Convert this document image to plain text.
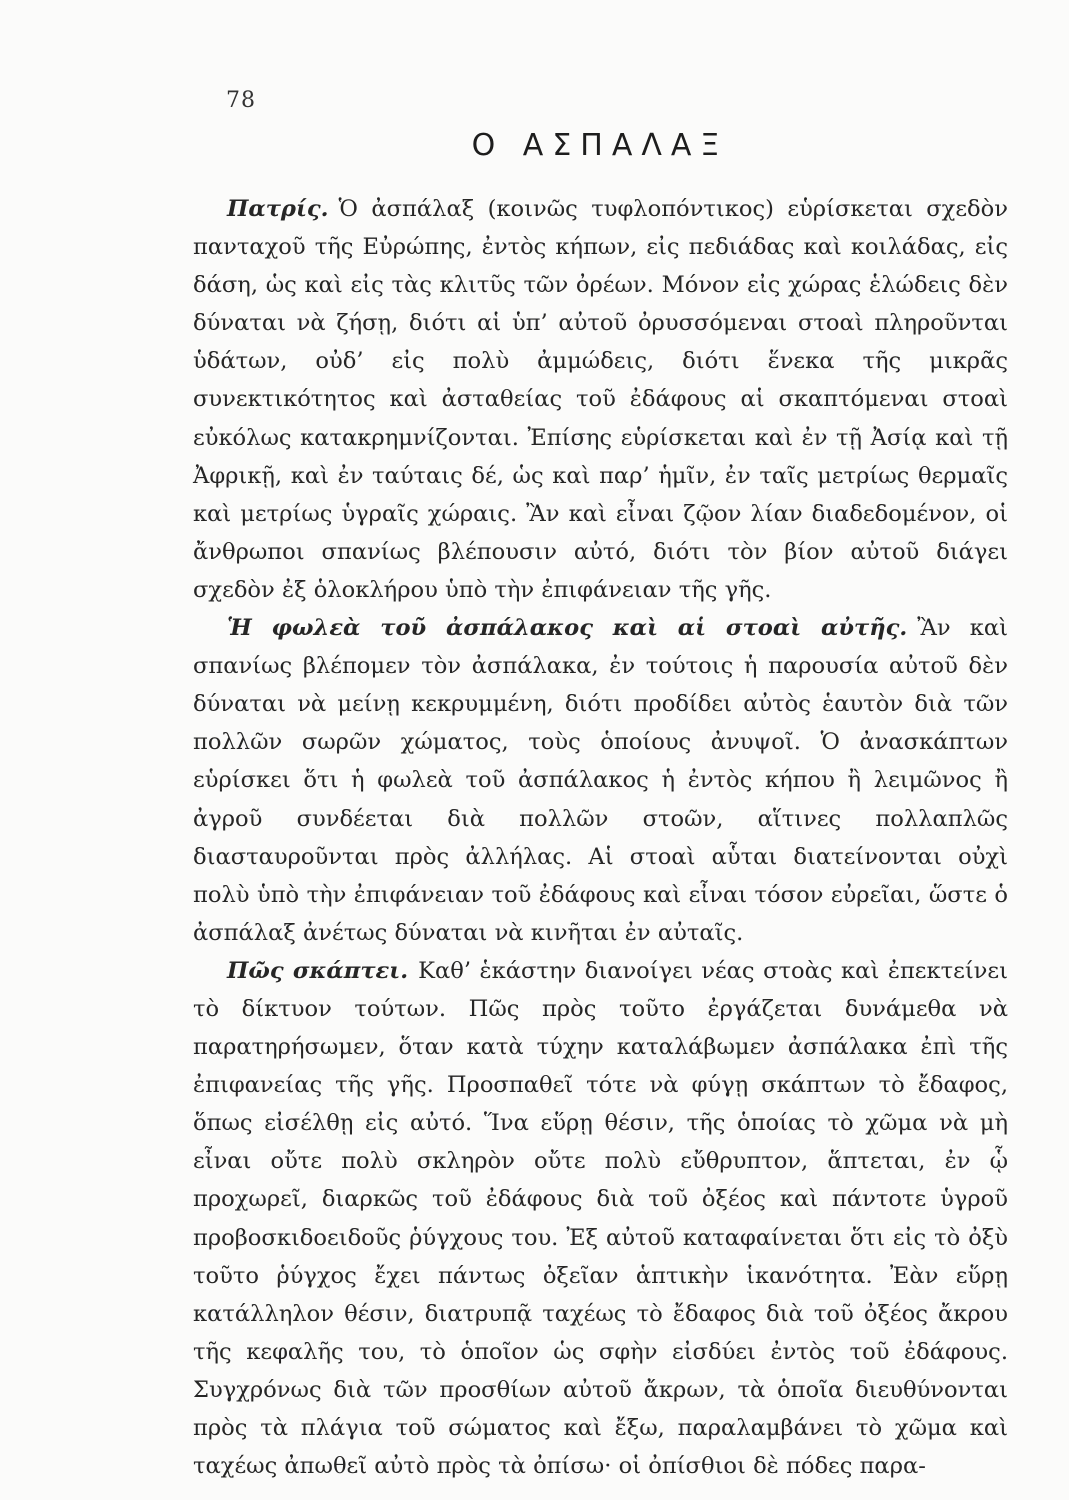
78
Ο ΑΣΠΑΛΑΞ

Πατρίς. Ὁ ἀσπάλαξ (κοινῶς τυφλοπόντικος) εὑρίσκεται σχεδὸν πανταχοῦ τῆς Εὐρώπης, ἐντὸς κήπων, εἰς πεδιάδας καὶ κοιλάδας, εἰς δάση, ὡς καὶ εἰς τὰς κλιτῦς τῶν ὀρέων. Μόνον εἰς χώρας ἑλώδεις δὲν δύναται νὰ ζήσῃ, διότι αἱ ὑπ’ αὐτοῦ ὀρυσσόμεναι στοαὶ πληροῦνται ὑδάτων, οὐδ’ εἰς πολὺ ἀμμώδεις, διότι ἕνεκα τῆς μικρᾶς συνεκτικότητος καὶ ἀσταθείας τοῦ ἐδάφους αἱ σκαπτόμεναι στοαὶ εὐκόλως κατακρημνίζονται. Ἐπίσης εὑρίσκεται καὶ ἐν τῇ Ἀσίᾳ καὶ τῇ Ἀφρικῇ, καὶ ἐν ταύταις δέ, ὡς καὶ παρ’ ἡμῖν, ἐν ταῖς μετρίως θερμαῖς καὶ μετρίως ὑγραῖς χώραις. Ἂν καὶ εἶναι ζῷον λίαν διαδεδομένον, οἱ ἄνθρωποι σπανίως βλέπουσιν αὐτό, διότι τὸν βίον αὐτοῦ διάγει σχεδὸν ἐξ ὁλοκλήρου ὑπὸ τὴν ἐπιφάνειαν τῆς γῆς.

Ἡ φωλεὰ τοῦ ἀσπάλακος καὶ αἱ στοαὶ αὐτῆς. Ἂν καὶ σπανίως βλέπομεν τὸν ἀσπάλακα, ἐν τούτοις ἡ παρουσία αὐτοῦ δὲν δύναται νὰ μείνῃ κεκρυμμένη, διότι προδίδει αὐτὸς ἑαυτὸν διὰ τῶν πολλῶν σωρῶν χώματος, τοὺς ὁποίους ἀνυψοῖ. Ὁ ἀνασκάπτων εὑρίσκει ὅτι ἡ φωλεὰ τοῦ ἀσπάλακος ἡ ἐντὸς κήπου ἢ λειμῶνος ἢ ἀγροῦ συνδέεται διὰ πολλῶν στοῶν, αἵτινες πολλαπλῶς διασταυροῦνται πρὸς ἀλλήλας. Αἱ στοαὶ αὗται διατείνονται οὐχὶ πολὺ ὑπὸ τὴν ἐπιφάνειαν τοῦ ἐδάφους καὶ εἶναι τόσον εὐρεῖαι, ὥστε ὁ ἀσπάλαξ ἀνέτως δύναται νὰ κινῆται ἐν αὐταῖς.

Πῶς σκάπτει. Καθ’ ἑκάστην διανοίγει νέας στοὰς καὶ ἐπεκτείνει τὸ δίκτυον τούτων. Πῶς πρὸς τοῦτο ἐργάζεται δυνάμεθα νὰ παρατηρήσωμεν, ὅταν κατὰ τύχην καταλάβωμεν ἀσπάλακα ἐπὶ τῆς ἐπιφανείας τῆς γῆς. Προσπαθεῖ τότε νὰ φύγῃ σκάπτων τὸ ἔδαφος, ὅπως εἰσέλθῃ εἰς αὐτό. Ἵνα εὕρῃ θέσιν, τῆς ὁποίας τὸ χῶμα νὰ μὴ εἶναι οὔτε πολὺ σκληρὸν οὔτε πολὺ εὔθρυπτον, ἅπτεται, ἐν ᾧ προχωρεῖ, διαρκῶς τοῦ ἐδάφους διὰ τοῦ ὀξέος καὶ πάντοτε ὑγροῦ προβοσκιδοειδοῦς ῥύγχους του. Ἐξ αὐτοῦ καταφαίνεται ὅτι εἰς τὸ ὀξὺ τοῦτο ῥύγχος ἔχει πάντως ὀξεῖαν ἁπτικὴν ἱκανότητα. Ἐὰν εὕρῃ κατάλληλον θέσιν, διατρυπᾷ ταχέως τὸ ἔδαφος διὰ τοῦ ὀξέος ἄκρου τῆς κεφαλῆς του, τὸ ὁποῖον ὡς σφὴν εἰσδύει ἐντὸς τοῦ ἐδάφους. Συγχρόνως διὰ τῶν προσθίων αὐτοῦ ἄκρων, τὰ ὁποῖα διευθύνονται πρὸς τὰ πλάγια τοῦ σώματος καὶ ἔξω, παραλαμβάνει τὸ χῶμα καὶ ταχέως ἀπωθεῖ αὐτὸ πρὸς τὰ ὀπίσω· οἱ ὀπίσθιοι δὲ πόδες παρα-
